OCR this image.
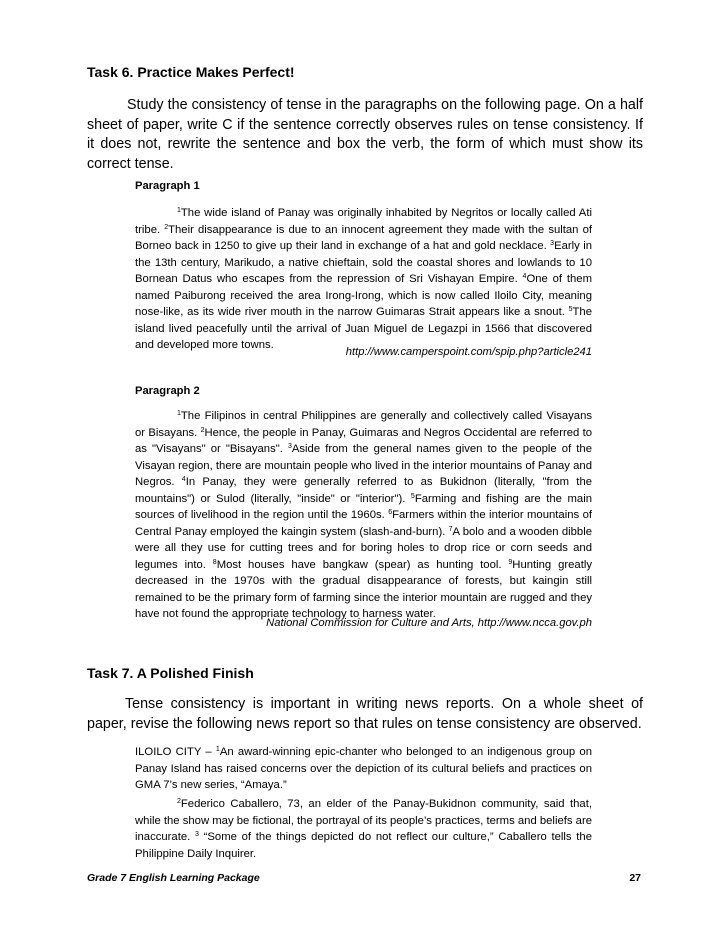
Task 6. Practice Makes Perfect!

Study the consistency of tense in the paragraphs on the following page. On a half sheet of paper, write C if the sentence correctly observes rules on tense consistency. If it does not, rewrite the sentence and box the verb, the form of which must show its correct tense.

Paragraph 1

$^1$The wide island of Panay was originally inhabited by Negritos or locally called Ati tribe. $^2$Their disappearance is due to an innocent agreement they made with the sultan of Borneo back in 1250 to give up their land in exchange of a hat and gold necklace. $^3$Early in the 13th century, Marikudo, a native chieftain, sold the coastal shores and lowlands to 10 Bornean Datus who escapes from the repression of Sri Vishayan Empire. $^4$One of them named Paiburong received the area Irong-Irong, which is now called Iloilo City, meaning nose-like, as its wide river mouth in the narrow Guimaras Strait appears like a snout. $^5$The island lived peacefully until the arrival of Juan Miguel de Legazpi in 1566 that discovered and developed more towns.

http://www.camperspoint.com/spip.php?article241
Paragraph 2

$^1$The Filipinos in central Philippines are generally and collectively called Visayans or Bisayans. $^2$Hence, the people in Panay, Guimaras and Negros Occidental are referred to as "Visayans" or "Bisayans". $^3$Aside from the general names given to the people of the Visayan region, there are mountain people who lived in the interior mountains of Panay and Negros. $^4$In Panay, they were generally referred to as Bukidnon (literally, "from the mountains") or Sulod (literally, "inside" or "interior"). $^5$Farming and fishing are the main sources of livelihood in the region until the 1960s. $^6$Farmers within the interior mountains of Central Panay employed the kaingin system (slash-and-burn). $^7$A bolo and a wooden dibble were all they use for cutting trees and for boring holes to drop rice or corn seeds and legumes into. $^8$Most houses have bangkaw (spear) as hunting tool. $^9$Hunting greatly decreased in the 1970s with the gradual disappearance of forests, but kaingin still remained to be the primary form of farming since the interior mountain are rugged and they have not found the appropriate technology to harness water.

National Commission for Culture and Arts, http://www.ncca.gov.ph
Task 7. A Polished Finish

Tense consistency is important in writing news reports. On a whole sheet of paper, revise the following news report so that rules on tense consistency are observed.

ILOILO CITY – $^1$An award-winning epic-chanter who belonged to an indigenous group on Panay Island has raised concerns over the depiction of its cultural beliefs and practices on GMA 7’s new series, “Amaya.”

$^2$Federico Caballero, 73, an elder of the Panay-Bukidnon community, said that, while the show may be fictional, the portrayal of its people’s practices, terms and beliefs are inaccurate. $^3$ “Some of the things depicted do not reflect our culture,” Caballero tells the Philippine Daily Inquirer.

Grade 7 English Learning Package	27
